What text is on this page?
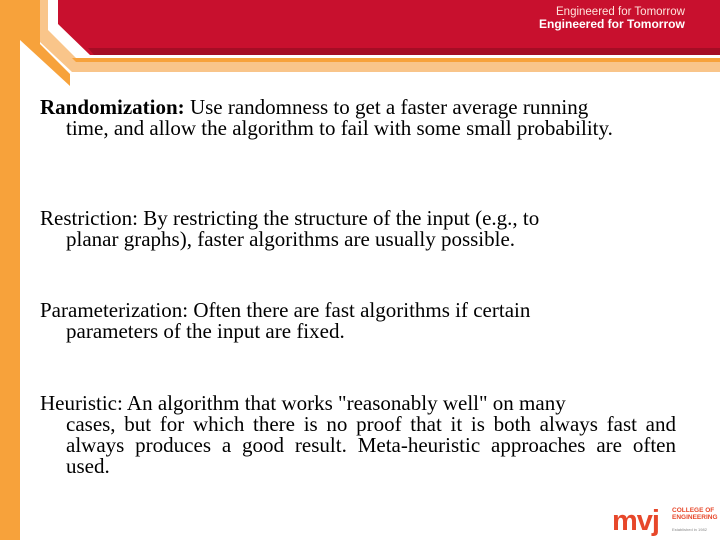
Engineered for Tomorrow
Engineered for Tomorrow

Randomization: Use randomness to get a faster average running
time, and allow the algorithm to fail with some small probability.

Restriction: By restricting the structure of the input (e.g., to
planar graphs), faster algorithms are usually possible.

Parameterization: Often there are fast algorithms if certain
parameters of the input are fixed.

Heuristic: An algorithm that works "reasonably well" on many
cases, but for which there is no proof that it is both always fast and always produces a good result. Meta-heuristic approaches are often used.

mvj COLLEGE OF
ENGINEERING
Established in 1982
